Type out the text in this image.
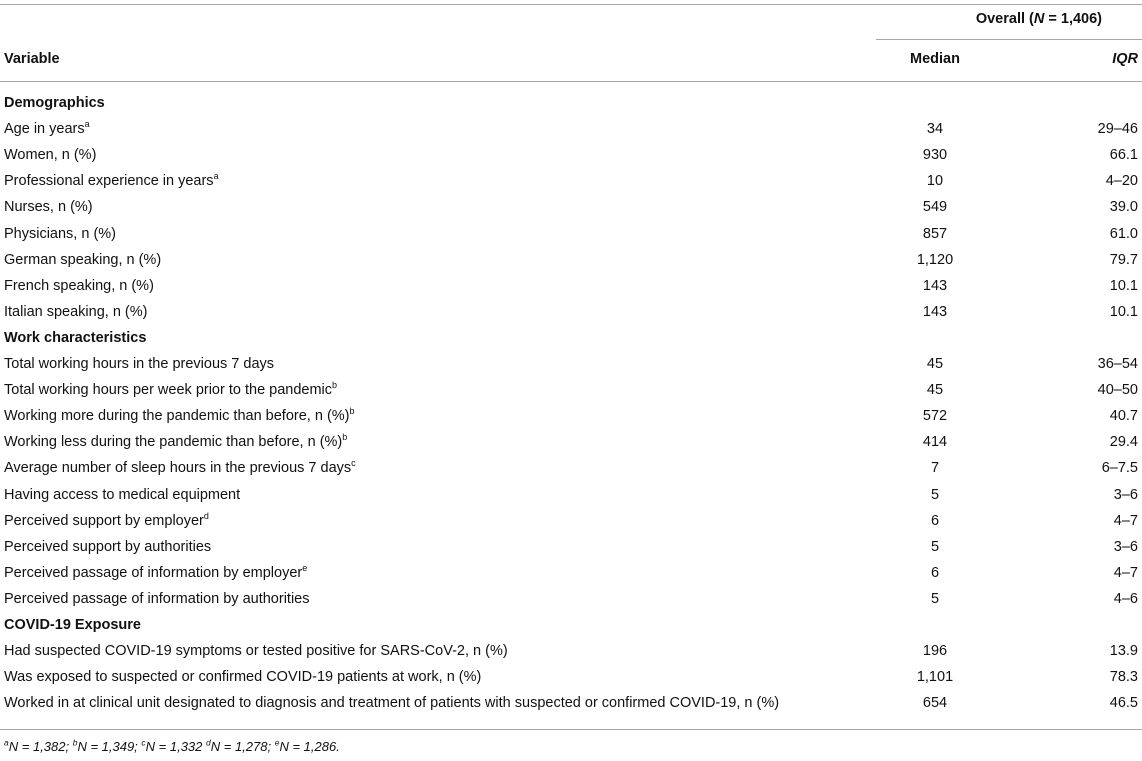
Overall (N = 1,406)
Variable	Median	IQR
Demographics
Age in years$^a$	34	29–46
Women, n (%)	930	66.1
Professional experience in years$^a$	10	4–20
Nurses, n (%)	549	39.0
Physicians, n (%)	857	61.0
German speaking, n (%)	1,120	79.7
French speaking, n (%)	143	10.1
Italian speaking, n (%)	143	10.1
Work characteristics
Total working hours in the previous 7 days	45	36–54
Total working hours per week prior to the pandemic$^b$	45	40–50
Working more during the pandemic than before, n (%)$^b$	572	40.7
Working less during the pandemic than before, n (%)$^b$	414	29.4
Average number of sleep hours in the previous 7 days$^c$	7	6–7.5
Having access to medical equipment	5	3–6
Perceived support by employer$^d$	6	4–7
Perceived support by authorities	5	3–6
Perceived passage of information by employer$^e$	6	4–7
Perceived passage of information by authorities	5	4–6
COVID-19 Exposure
Had suspected COVID-19 symptoms or tested positive for SARS-CoV-2, n (%)	196	13.9
Was exposed to suspected or confirmed COVID-19 patients at work, n (%)	1,101	78.3
Worked in at clinical unit designated to diagnosis and treatment of patients with suspected or confirmed COVID-19, n (%)	654	46.5
$^a$N = 1,382; $^b$N = 1,349; $^c$N = 1,332 $^d$N = 1,278; $^e$N = 1,286.
